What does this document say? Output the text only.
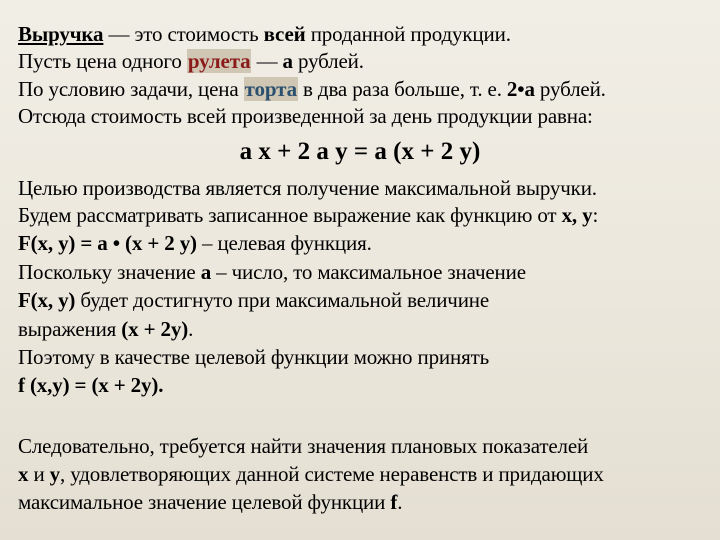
Выручка — это стоимость всей проданной продукции.
Пусть цена одного рулета — а рублей.
По условию задачи, цена торта в два раза больше, т. е. 2•а рублей.
Отсюда стоимость всей произведенной за день продукции равна:
а х + 2 а у = а (х + 2 у)
Целью производства является получение максимальной выручки.
Будем рассматривать записанное выражение как функцию от х, у:
F(х, у) = а • (х + 2 у) – целевая функция.
Поскольку значение а – число, то максимальное значение
F(х, у) будет достигнуто при максимальной величине
выражения (х + 2у).
Поэтому в качестве целевой функции можно принять
f (х,у) = (х + 2у).
Следовательно, требуется найти значения плановых показателей
х и у, удовлетворяющих данной системе неравенств и придающих
максимальное значение целевой функции f.
